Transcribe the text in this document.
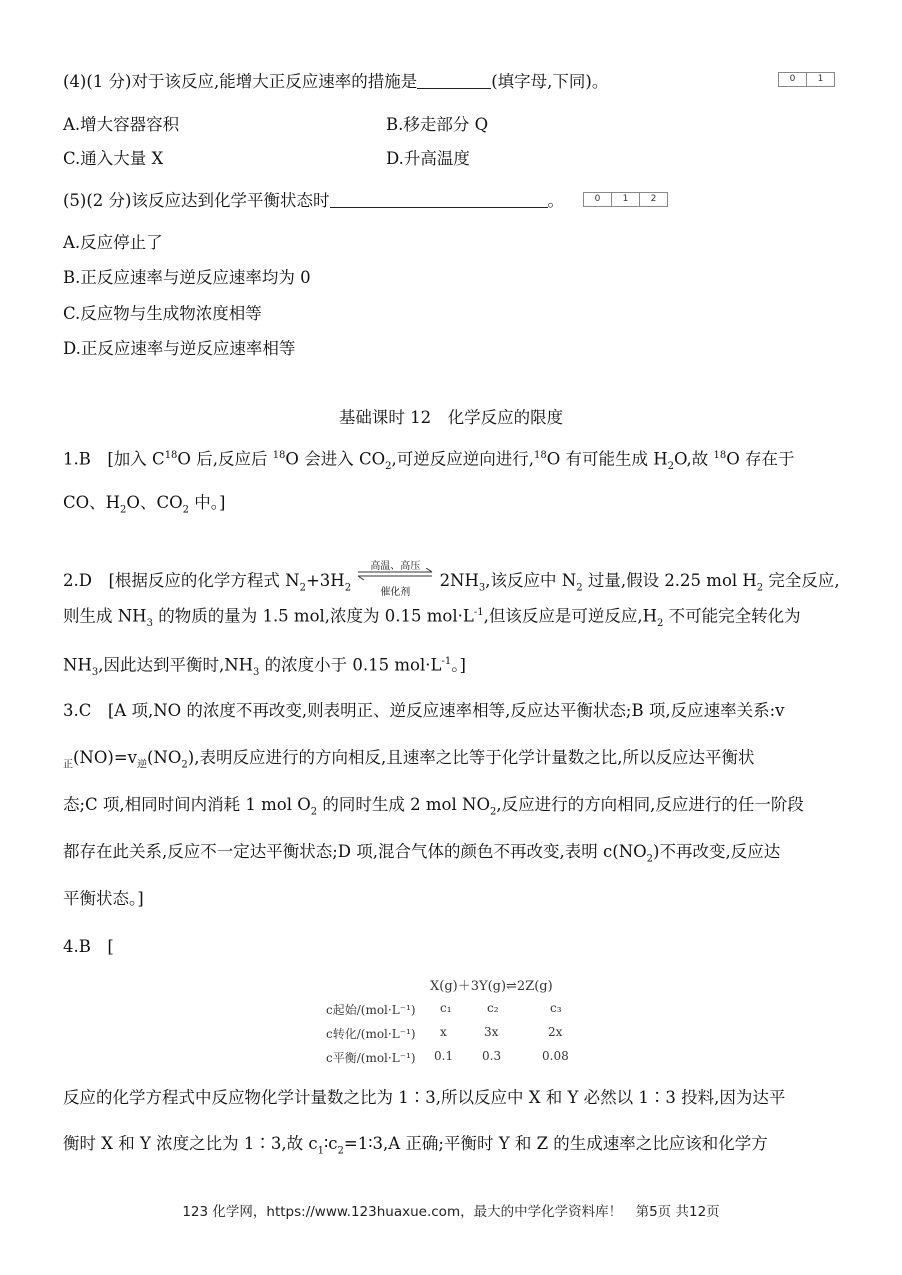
(4)(1 分)对于该反应,能增大正反应速率的措施是	(填字母,下同)。	0	1
A.增大容器容积	B.移走部分 Q
C.通入大量 X	D.升高温度
(5)(2 分)该反应达到化学平衡状态时	。	0	1	2
A.反应停止了
B.正反应速率与逆反应速率均为 0
C.反应物与生成物浓度相等
D.正反应速率与逆反应速率相等
基础课时 12　化学反应的限度
1.B　[加入 $C^{18}O$ 后,反应后 $^{18}$O 会进入 $CO_2$,可逆反应逆向进行,$^{18}$O 有可能生成 $H_2O$,故 $^{18}$O 存在于
CO、$H_2O$、$CO_2$ 中。]
2.D　[根据反应的化学方程式 $N_2+3H_2$
高温、高压
催化剂
$2NH_3$,该反应中 $N_2$ 过量,假设 2.25 mol $H_2$ 完全反应,
则生成 $NH_3$ 的物质的量为 1.5 mol,浓度为 0.15 $mol\cdot L^{-1}$,但该反应是可逆反应$,H_2$ 不可能完全转化为
$NH_3$,因此达到平衡时$,NH_3$ 的浓度小于 0.15 $mol\cdot L^{-1}$。]
3.C　[A 项,NO 的浓度不再改变,则表明正、逆反应速率相等,反应达平衡状态;B 项,反应速率关系:v
$_正(NO)=v_逆(NO_2)$,表明反应进行的方向相反,且速率之比等于化学计量数之比,所以反应达平衡状
态;C 项,相同时间内消耗 1 mol $O_2$ 的同时生成 2 mol $NO_2$,反应进行的方向相同,反应进行的任一阶段
都存在此关系,反应不一定达平衡状态;D 项,混合气体的颜色不再改变,表明 $c(NO_2)$不再改变,反应达
平衡状态。]
4.B　[
X(g)＋3Y(g)⇌2Z(g)
c起始/(mol·L⁻¹) c₁	c₂	c₃
c转化/(mol·L⁻¹) x	3x	2x
c平衡/(mol·L⁻¹) 0.1 0.3	0.08
反应的化学方程式中反应物化学计量数之比为 1∶3,所以反应中 X 和 Y 必然以 1∶3 投料,因为达平
衡时 X 和 Y 浓度之比为 1∶3,故 $c_1∶c_2=1∶3,A$ 正确;平衡时 Y 和 Z 的生成速率之比应该和化学方
123 化学网，https://www.123huaxue.com，最大的中学化学资料库！　第5页 共12页
